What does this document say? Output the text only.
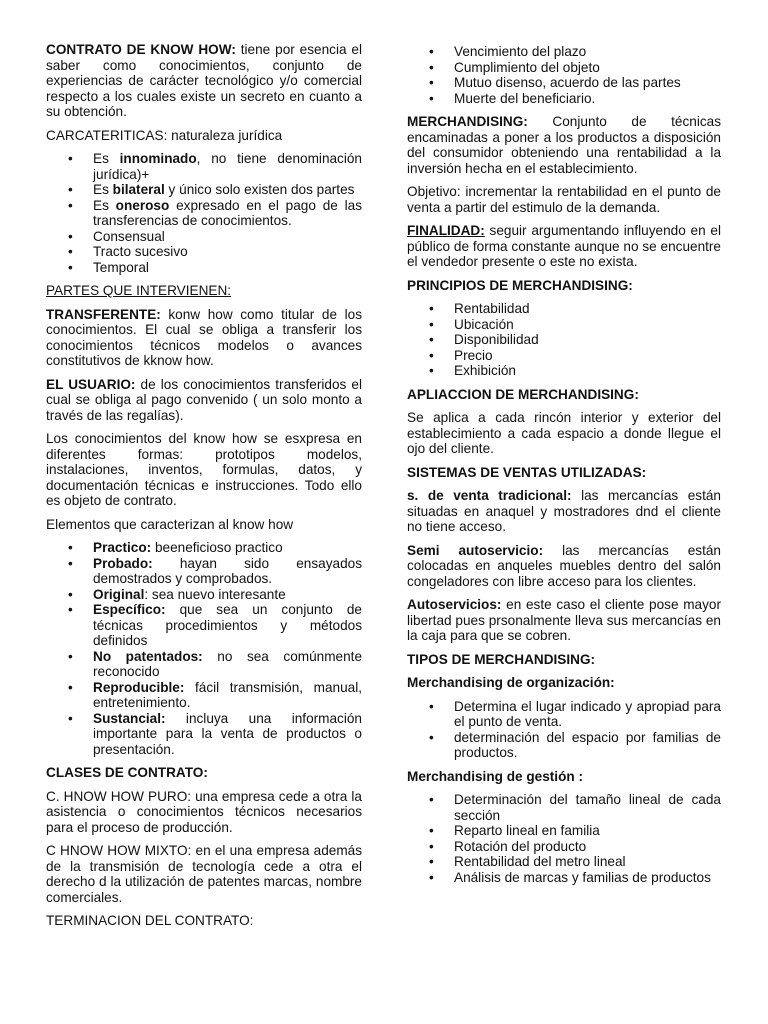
CONTRATO DE KNOW HOW: tiene por esencia el saber como conocimientos, conjunto de experiencias de carácter tecnológico y/o comercial respecto a los cuales existe un secreto en cuanto a su obtención.

CARCATERITICAS: naturaleza jurídica

• Es innominado, no tiene denominación jurídica)+
• Es bilateral y único solo existen dos partes
• Es oneroso expresado en el pago de las transferencias de conocimientos.
• Consensual
• Tracto sucesivo
• Temporal

PARTES QUE INTERVIENEN:

TRANSFERENTE: konw how como titular de los conocimientos. El cual se obliga a transferir los conocimientos técnicos modelos o avances constitutivos de kknow how.

EL USUARIO: de los conocimientos transferidos el cual se obliga al pago convenido ( un solo monto a través de las regalías).

Los conocimientos del know how se esxpresa en diferentes formas: prototipos modelos, instalaciones, inventos, formulas, datos, y documentación técnicas e instrucciones. Todo ello es objeto de contrato.

Elementos que caracterizan al know how

• Practico: beeneficioso practico
• Probado: hayan sido ensayados demostrados y comprobados.
• Original: sea nuevo interesante
• Específico: que sea un conjunto de técnicas procedimientos y métodos definidos
• No patentados: no sea comúnmente reconocido
• Reproducible: fácil transmisión, manual, entretenimiento.
• Sustancial: incluya una información importante para la venta de productos o presentación.

CLASES DE CONTRATO:

C. HNOW HOW PURO: una empresa cede a otra la asistencia o conocimientos técnicos necesarios para el proceso de producción.

C HNOW HOW MIXTO: en el una empresa además de la transmisión de tecnología cede a otra el derecho d la utilización de patentes marcas, nombre comerciales.

TERMINACION DEL CONTRATO:

• Vencimiento del plazo
• Cumplimiento del objeto
• Mutuo disenso, acuerdo de las partes
• Muerte del beneficiario.

MERCHANDISING: Conjunto de técnicas encaminadas a poner a los productos a disposición del consumidor obteniendo una rentabilidad a la inversión hecha en el establecimiento.

Objetivo: incrementar la rentabilidad en el punto de venta a partir del estimulo de la demanda.

FINALIDAD: seguir argumentando influyendo en el público de forma constante aunque no se encuentre el vendedor presente o este no exista.

PRINCIPIOS DE MERCHANDISING:

• Rentabilidad
• Ubicación
• Disponibilidad
• Precio
• Exhibición

APLIACCION DE MERCHANDISING:

Se aplica a cada rincón interior y exterior del establecimiento a cada espacio a donde llegue el ojo del cliente.

SISTEMAS DE VENTAS UTILIZADAS:

s. de venta tradicional: las mercancías están situadas en anaquel y mostradores dnd el cliente no tiene acceso.

Semi autoservicio: las mercancías están colocadas en anqueles muebles dentro del salón congeladores con libre acceso para los clientes.

Autoservicios: en este caso el cliente pose mayor libertad pues prsonalmente lleva sus mercancías en la caja para que se cobren.

TIPOS DE MERCHANDISING:

Merchandising de organización:

• Determina el lugar indicado y apropiad para el punto de venta.
• determinación del espacio por familias de productos.

Merchandising de gestión :

• Determinación del tamaño lineal de cada sección
• Reparto lineal en familia
• Rotación del producto
• Rentabilidad del metro lineal
• Análisis de marcas y familias de productos
